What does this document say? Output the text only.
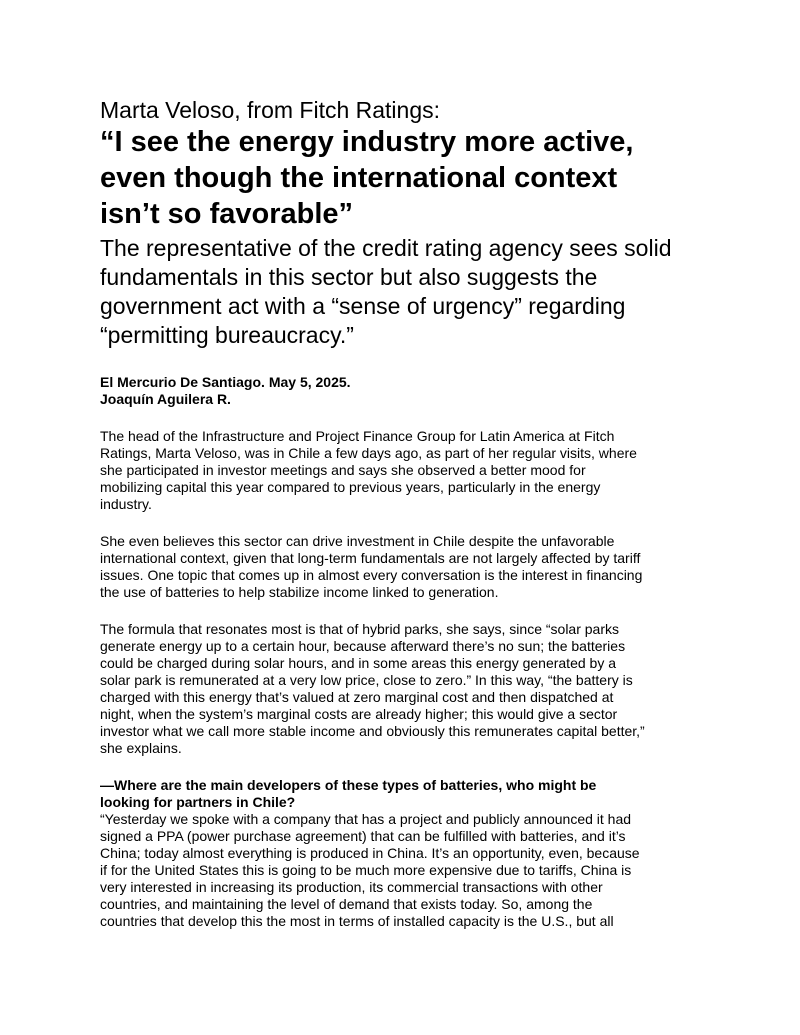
Marta Veloso, from Fitch Ratings:
“I see the energy industry more active,
even though the international context
isn’t so favorable”
The representative of the credit rating agency sees solid
fundamentals in this sector but also suggests the
government act with a “sense of urgency” regarding
“permitting bureaucracy.”
El Mercurio De Santiago. May 5, 2025.
Joaquín Aguilera R.
The head of the Infrastructure and Project Finance Group for Latin America at Fitch
Ratings, Marta Veloso, was in Chile a few days ago, as part of her regular visits, where
she participated in investor meetings and says she observed a better mood for
mobilizing capital this year compared to previous years, particularly in the energy
industry.
She even believes this sector can drive investment in Chile despite the unfavorable
international context, given that long-term fundamentals are not largely affected by tariff
issues. One topic that comes up in almost every conversation is the interest in financing
the use of batteries to help stabilize income linked to generation.
The formula that resonates most is that of hybrid parks, she says, since “solar parks
generate energy up to a certain hour, because afterward there’s no sun; the batteries
could be charged during solar hours, and in some areas this energy generated by a
solar park is remunerated at a very low price, close to zero.” In this way, “the battery is
charged with this energy that’s valued at zero marginal cost and then dispatched at
night, when the system’s marginal costs are already higher; this would give a sector
investor what we call more stable income and obviously this remunerates capital better,”
she explains.
—Where are the main developers of these types of batteries, who might be
looking for partners in Chile?
“Yesterday we spoke with a company that has a project and publicly announced it had
signed a PPA (power purchase agreement) that can be fulfilled with batteries, and it’s
China; today almost everything is produced in China. It’s an opportunity, even, because
if for the United States this is going to be much more expensive due to tariffs, China is
very interested in increasing its production, its commercial transactions with other
countries, and maintaining the level of demand that exists today. So, among the
countries that develop this the most in terms of installed capacity is the U.S., but all
